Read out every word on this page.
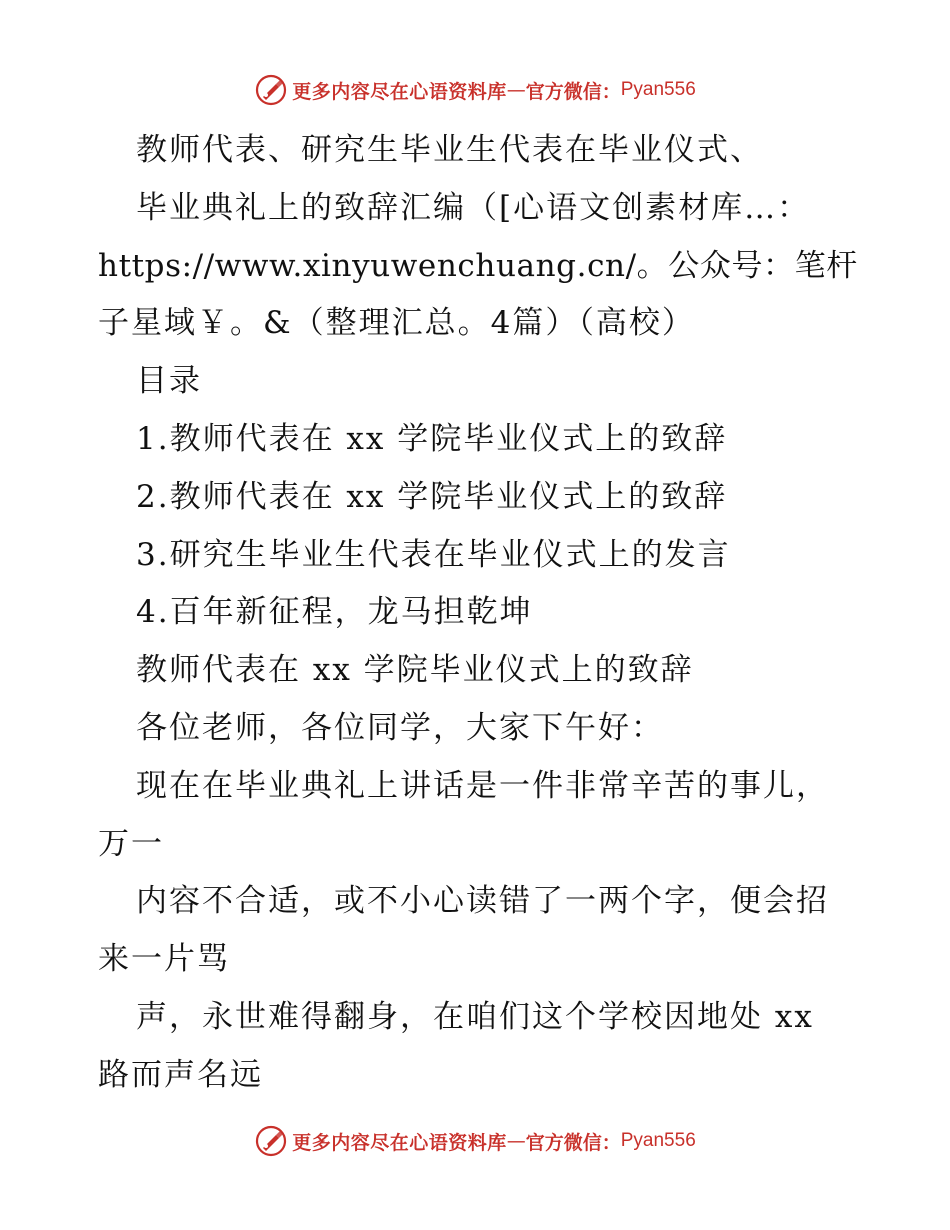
更多内容尽在心语资料库 — 官方微信： Pyan556
教师代表、研究生毕业生代表在毕业仪式、
毕业典礼上的致辞汇编（[心语文创素材库…：
https://www.xinyuwenchuang.cn/。公众号：笔杆
子星域￥。&（整理汇总。4篇）（高校）
目录
1.教师代表在 xx 学院毕业仪式上的致辞
2.教师代表在 xx 学院毕业仪式上的致辞
3.研究生毕业生代表在毕业仪式上的发言
4.百年新征程，龙马担乾坤
教师代表在 xx 学院毕业仪式上的致辞
各位老师，各位同学，大家下午好：
现在在毕业典礼上讲话是一件非常辛苦的事儿，
万一
内容不合适，或不小心读错了一两个字，便会招
来一片骂
声，永世难得翻身，在咱们这个学校因地处 xx
路而声名远
更多内容尽在心语资料库 — 官方微信： Pyan556
